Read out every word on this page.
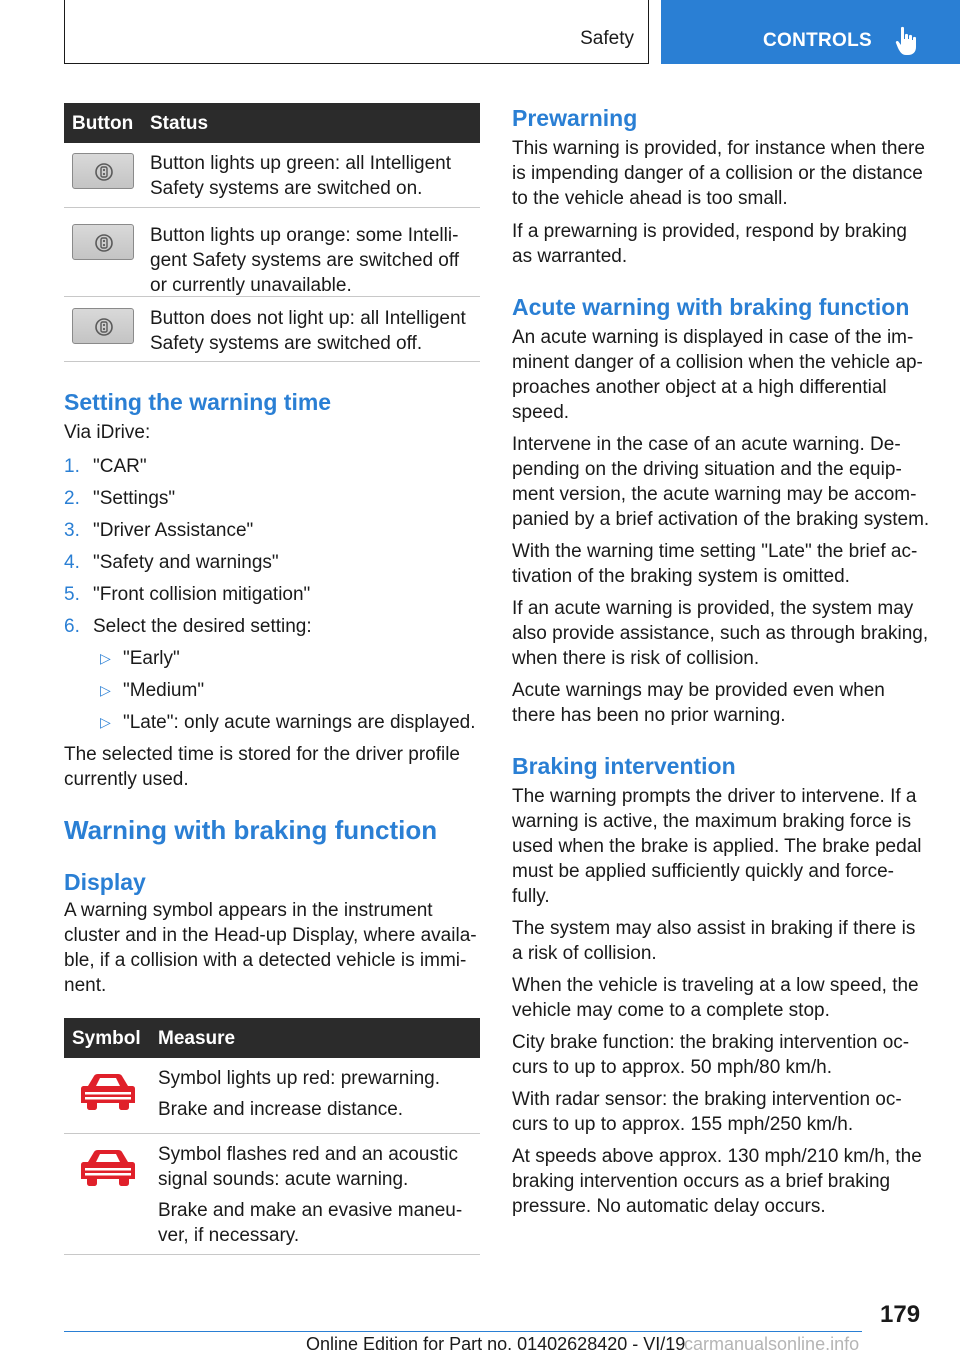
Safety	CONTROLS
Button Status

Button lights up green: all Intelligent Safety systems are switched on.

Button lights up orange: some Intelli-gent Safety systems are switched off or currently unavailable.

Button does not light up: all Intelligent Safety systems are switched off.

Setting the warning time

Via iDrive:

1. "CAR"
2. "Settings"
3. "Driver Assistance"
4. "Safety and warnings"
5. "Front collision mitigation"
6. Select the desired setting:
▷ "Early"
▷ "Medium"
▷ "Late": only acute warnings are displayed.

The selected time is stored for the driver profile currently used.

Warning with braking function
Display

A warning symbol appears in the instrument cluster and in the Head-up Display, where availa-ble, if a collision with a detected vehicle is immi-nent.

Symbol Measure

Symbol lights up red: prewarning.

Brake and increase distance.

Symbol flashes red and an acoustic signal sounds: acute warning.

Brake and make an evasive maneu-ver, if necessary.

Prewarning

This warning is provided, for instance when there is impending danger of a collision or the distance to the vehicle ahead is too small.

If a prewarning is provided, respond by braking as warranted.

Acute warning with braking function

An acute warning is displayed in case of the im-minent danger of a collision when the vehicle ap-proaches another object at a high differential speed.

Intervene in the case of an acute warning. De-pending on the driving situation and the equip-ment version, the acute warning may be accom-panied by a brief activation of the braking system.

With the warning time setting "Late" the brief ac-tivation of the braking system is omitted.

If an acute warning is provided, the system may also provide assistance, such as through braking, when there is risk of collision.

Acute warnings may be provided even when there has been no prior warning.

Braking intervention

The warning prompts the driver to intervene. If a warning is active, the maximum braking force is used when the brake is applied. The brake pedal must be applied sufficiently quickly and force-fully.

The system may also assist in braking if there is a risk of collision.

When the vehicle is traveling at a low speed, the vehicle may come to a complete stop.

City brake function: the braking intervention oc-curs to up to approx. 50 mph/80 km/h.

With radar sensor: the braking intervention oc-curs to up to approx. 155 mph/250 km/h.

At speeds above approx. 130 mph/210 km/h, the braking intervention occurs as a brief braking pressure. No automatic delay occurs.

179
Online Edition for Part no. 01402628420 - VI/19
carmanualsonline.info
